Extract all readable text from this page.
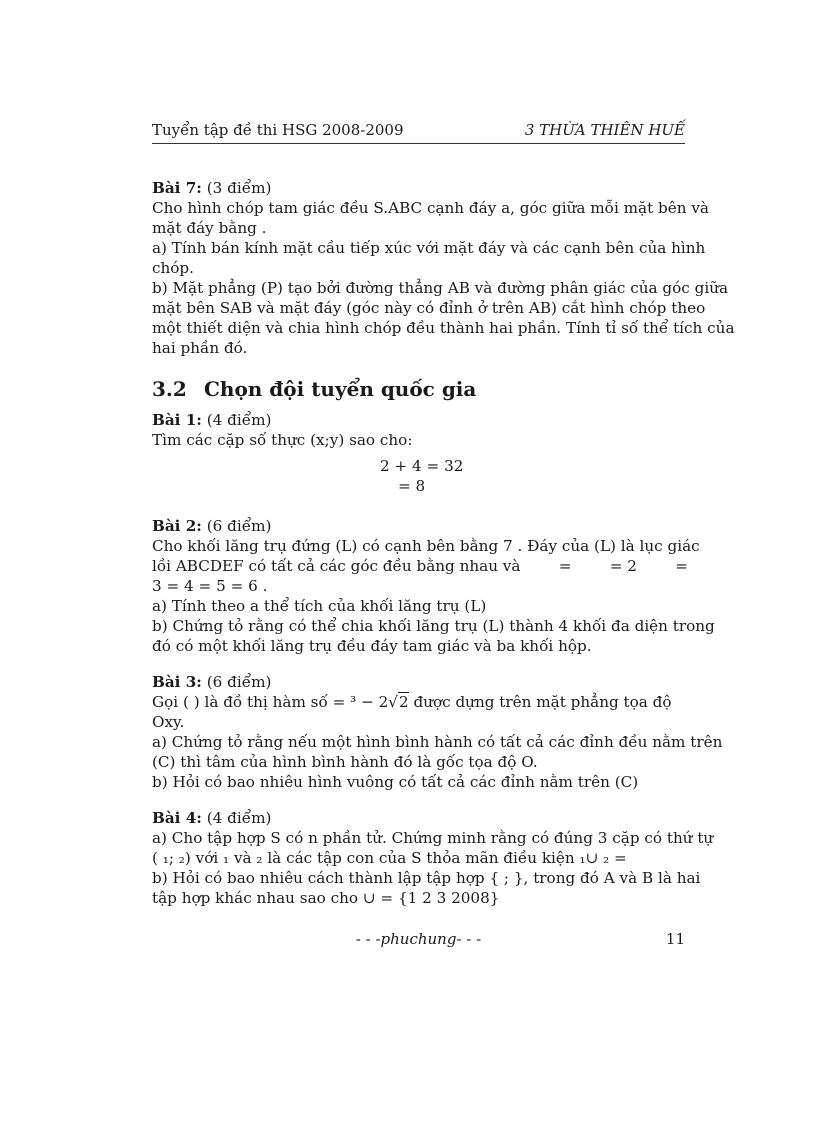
Tuyển tập đề thi HSG 2008-2009	3 THỪA THIÊN HUẾ
Bài 7: (3 điểm)
Cho hình chóp tam giác đều S.ABC cạnh đáy a, góc giữa mỗi mặt bên và
mặt đáy bằng .
a) Tính bán kính mặt cầu tiếp xúc với mặt đáy và các cạnh bên của hình
chóp.
b) Mặt phẳng (P) tạo bởi đường thẳng AB và đường phân giác của góc giữa
mặt bên SAB và mặt đáy (góc này có đỉnh ở trên AB) cắt hình chóp theo
một thiết diện và chia hình chóp đều thành hai phần. Tính tỉ số thể tích của
hai phần đó.
3.2 Chọn đội tuyển quốc gia
Bài 1: (4 điểm)
Tìm các cặp số thực (x;y) sao cho:
2 + 4 = 32
= 8
Bài 2: (6 điểm)
Cho khối lăng trụ đứng (L) có cạnh bên bằng 7 . Đáy của (L) là lục giác
lồi ABCDEF có tất cả các góc đều bằng nhau và	=	= 2	=
3 = 4 = 5 = 6 .
a) Tính theo a thể tích của khối lăng trụ (L)
b) Chứng tỏ rằng có thể chia khối lăng trụ (L) thành 4 khối đa diện trong
đó có một khối lăng trụ đều đáy tam giác và ba khối hộp.
Bài 3: (6 điểm)
Gọi ( ) là đồ thị hàm số = ³ − 2√2 được dựng trên mặt phẳng tọa độ
Oxy.
a) Chứng tỏ rằng nếu một hình bình hành có tất cả các đỉnh đều nằm trên
(C) thì tâm của hình bình hành đó là gốc tọa độ O.
b) Hỏi có bao nhiêu hình vuông có tất cả các đỉnh nằm trên (C)
Bài 4: (4 điểm)
a) Cho tập hợp S có n phần tử. Chứng minh rằng có đúng 3 cặp có thứ tự
( ₁; ₂) với ₁ và ₂ là các tập con của S thỏa mãn điều kiện ₁∪ ₂ =
b) Hỏi có bao nhiêu cách thành lập tập hợp { ; }, trong đó A và B là hai
tập hợp khác nhau sao cho ∪ = {1 2 3 2008}
- - -phuchung- - -	11
